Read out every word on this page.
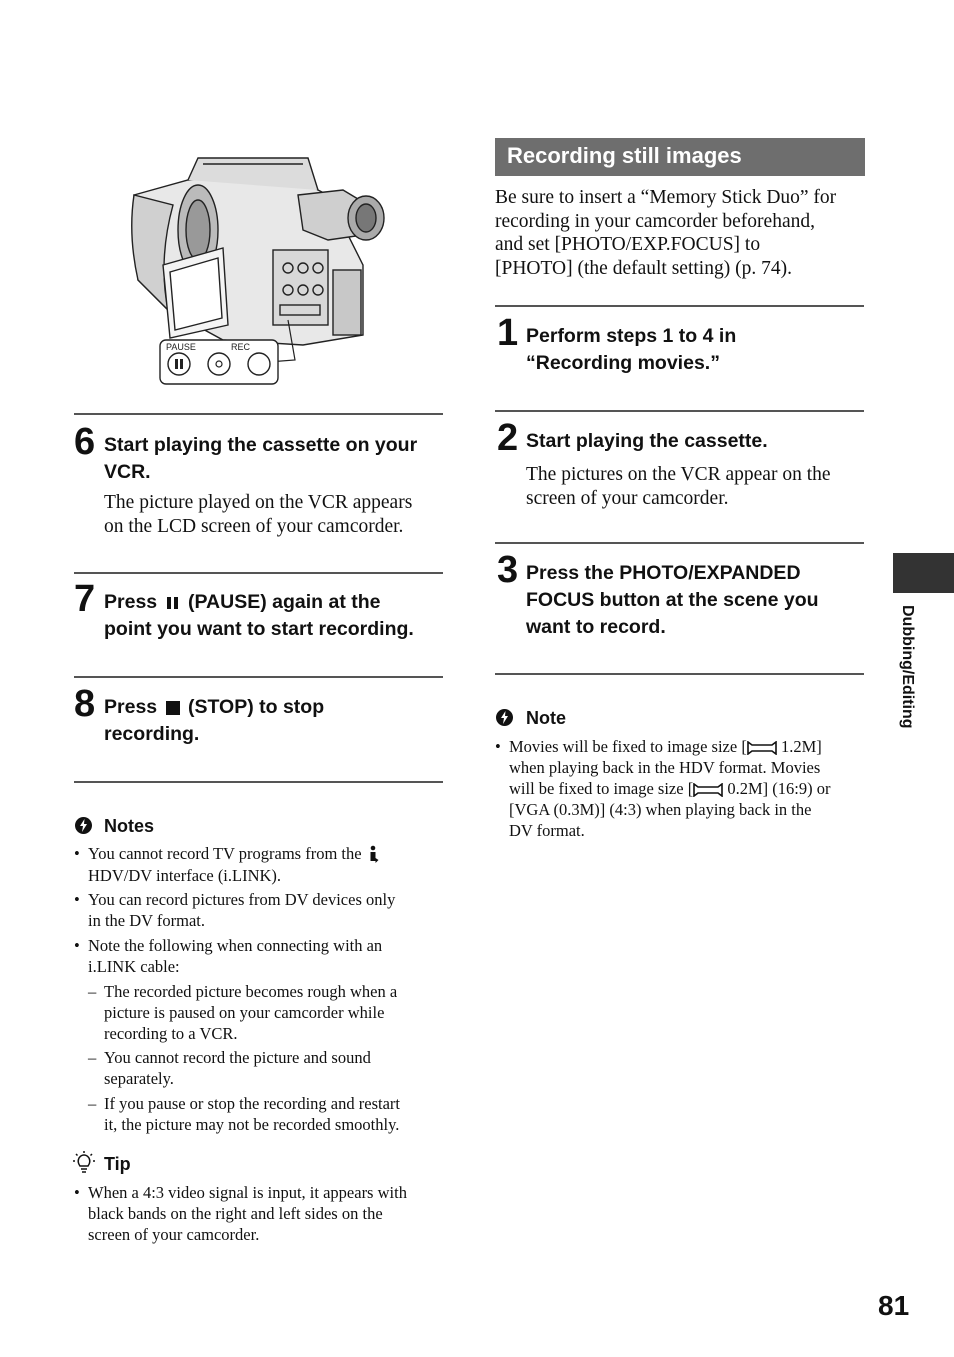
PAUSE	REC
6 Start playing the cassette on your
VCR.
The picture played on the VCR appears
on the LCD screen of your camcorder.
7 Press (PAUSE) again at the
point you want to start recording.
8 Press (STOP) to stop
recording.
Notes
• You cannot record TV programs from the
HDV/DV interface (i.LINK).
• You can record pictures from DV devices only
in the DV format.
• Note the following when connecting with an
i.LINK cable:
– The recorded picture becomes rough when a
picture is paused on your camcorder while
recording to a VCR.
– You cannot record the picture and sound
separately.
– If you pause or stop the recording and restart
it, the picture may not be recorded smoothly.
Tip
• When a 4:3 video signal is input, it appears with
black bands on the right and left sides on the
screen of your camcorder.
Recording still images
Be sure to insert a “Memory Stick Duo” for
recording in your camcorder beforehand,
and set [PHOTO/EXP.FOCUS] to
[PHOTO] (the default setting) (p. 74).
1 Perform steps 1 to 4 in
“Recording movies.”
2 Start playing the cassette.
The pictures on the VCR appear on the
screen of your camcorder.
3 Press the PHOTO/EXPANDED
FOCUS button at the scene you
want to record.
Note
• Movies will be fixed to image size [ 1.2M]
when playing back in the HDV format. Movies
will be fixed to image size [ 0.2M] (16:9) or
[VGA (0.3M)] (4:3) when playing back in the
DV format.
Dubbing/Editing
81
